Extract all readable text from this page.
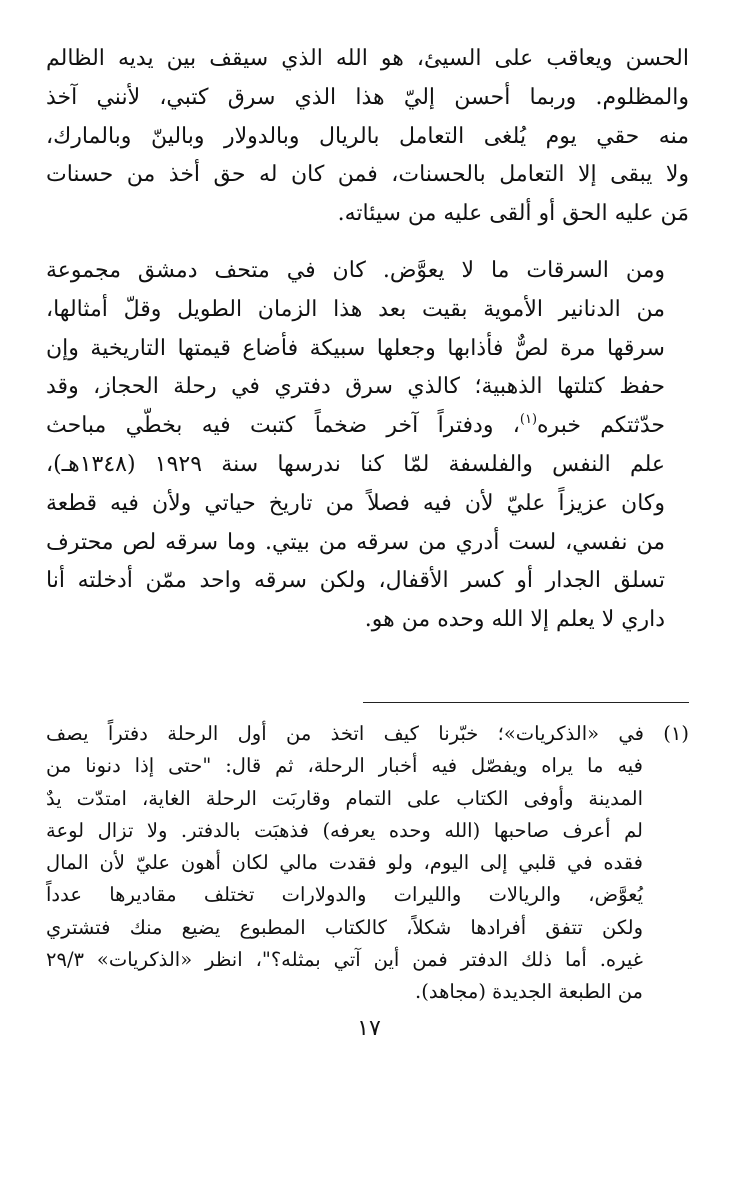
الحسن ويعاقب على السيئ، هو الله الذي سيقف بين يديه الظالم
والمظلوم. وربما أحسن إليّ هذا الذي سرق كتبي، لأنني آخذ
منه حقي يوم يُلغى التعامل بالريال وبالدولار وبالينّ وبالمارك،
ولا يبقى إلا التعامل بالحسنات، فمن كان له حق أخذ من حسنات
مَن عليه الحق أو ألقى عليه من سيئاته.

ومن السرقات ما لا يعوَّض. كان في متحف دمشق مجموعة
من الدنانير الأموية بقيت بعد هذا الزمان الطويل وقلّ أمثالها،
سرقها مرة لصٌّ فأذابها وجعلها سبيكة فأضاع قيمتها التاريخية وإن
حفظ كتلتها الذهبية؛ كالذي سرق دفتري في رحلة الحجاز، وقد
حدّثتكم خبره$^{(١)}$، ودفتراً آخر ضخماً كتبت فيه بخطّي مباحث
علم النفس والفلسفة لمّا كنا ندرسها سنة ١٩٢٩ (١٣٤٨هـ)،
وكان عزيزاً عليّ لأن فيه فصلاً من تاريخ حياتي ولأن فيه قطعة
من نفسي، لست أدري من سرقه من بيتي. وما سرقه لص محترف
تسلق الجدار أو كسر الأقفال، ولكن سرقه واحد ممّن أدخلته أنا
داري لا يعلم إلا الله وحده من هو.

(١) في «الذكريات»؛ خبّرنا كيف اتخذ من أول الرحلة دفتراً يصف
فيه ما يراه ويفصّل فيه أخبار الرحلة، ثم قال: "حتى إذا دنونا من
المدينة وأوفى الكتاب على التمام وقاربَت الرحلة الغاية، امتدّت يدٌ
لم أعرف صاحبها (الله وحده يعرفه) فذهبَت بالدفتر. ولا تزال لوعة
فقده في قلبي إلى اليوم، ولو فقدت مالي لكان أهون عليّ لأن المال
يُعوَّض، والريالات والليرات والدولارات تختلف مقاديرها عدداً
ولكن تتفق أفرادها شكلاً، كالكتاب المطبوع يضيع منك فتشتري
غيره. أما ذلك الدفتر فمن أين آتي بمثله؟"، انظر «الذكريات» ٢٩/٣
من الطبعة الجديدة (مجاهد).
١٧
